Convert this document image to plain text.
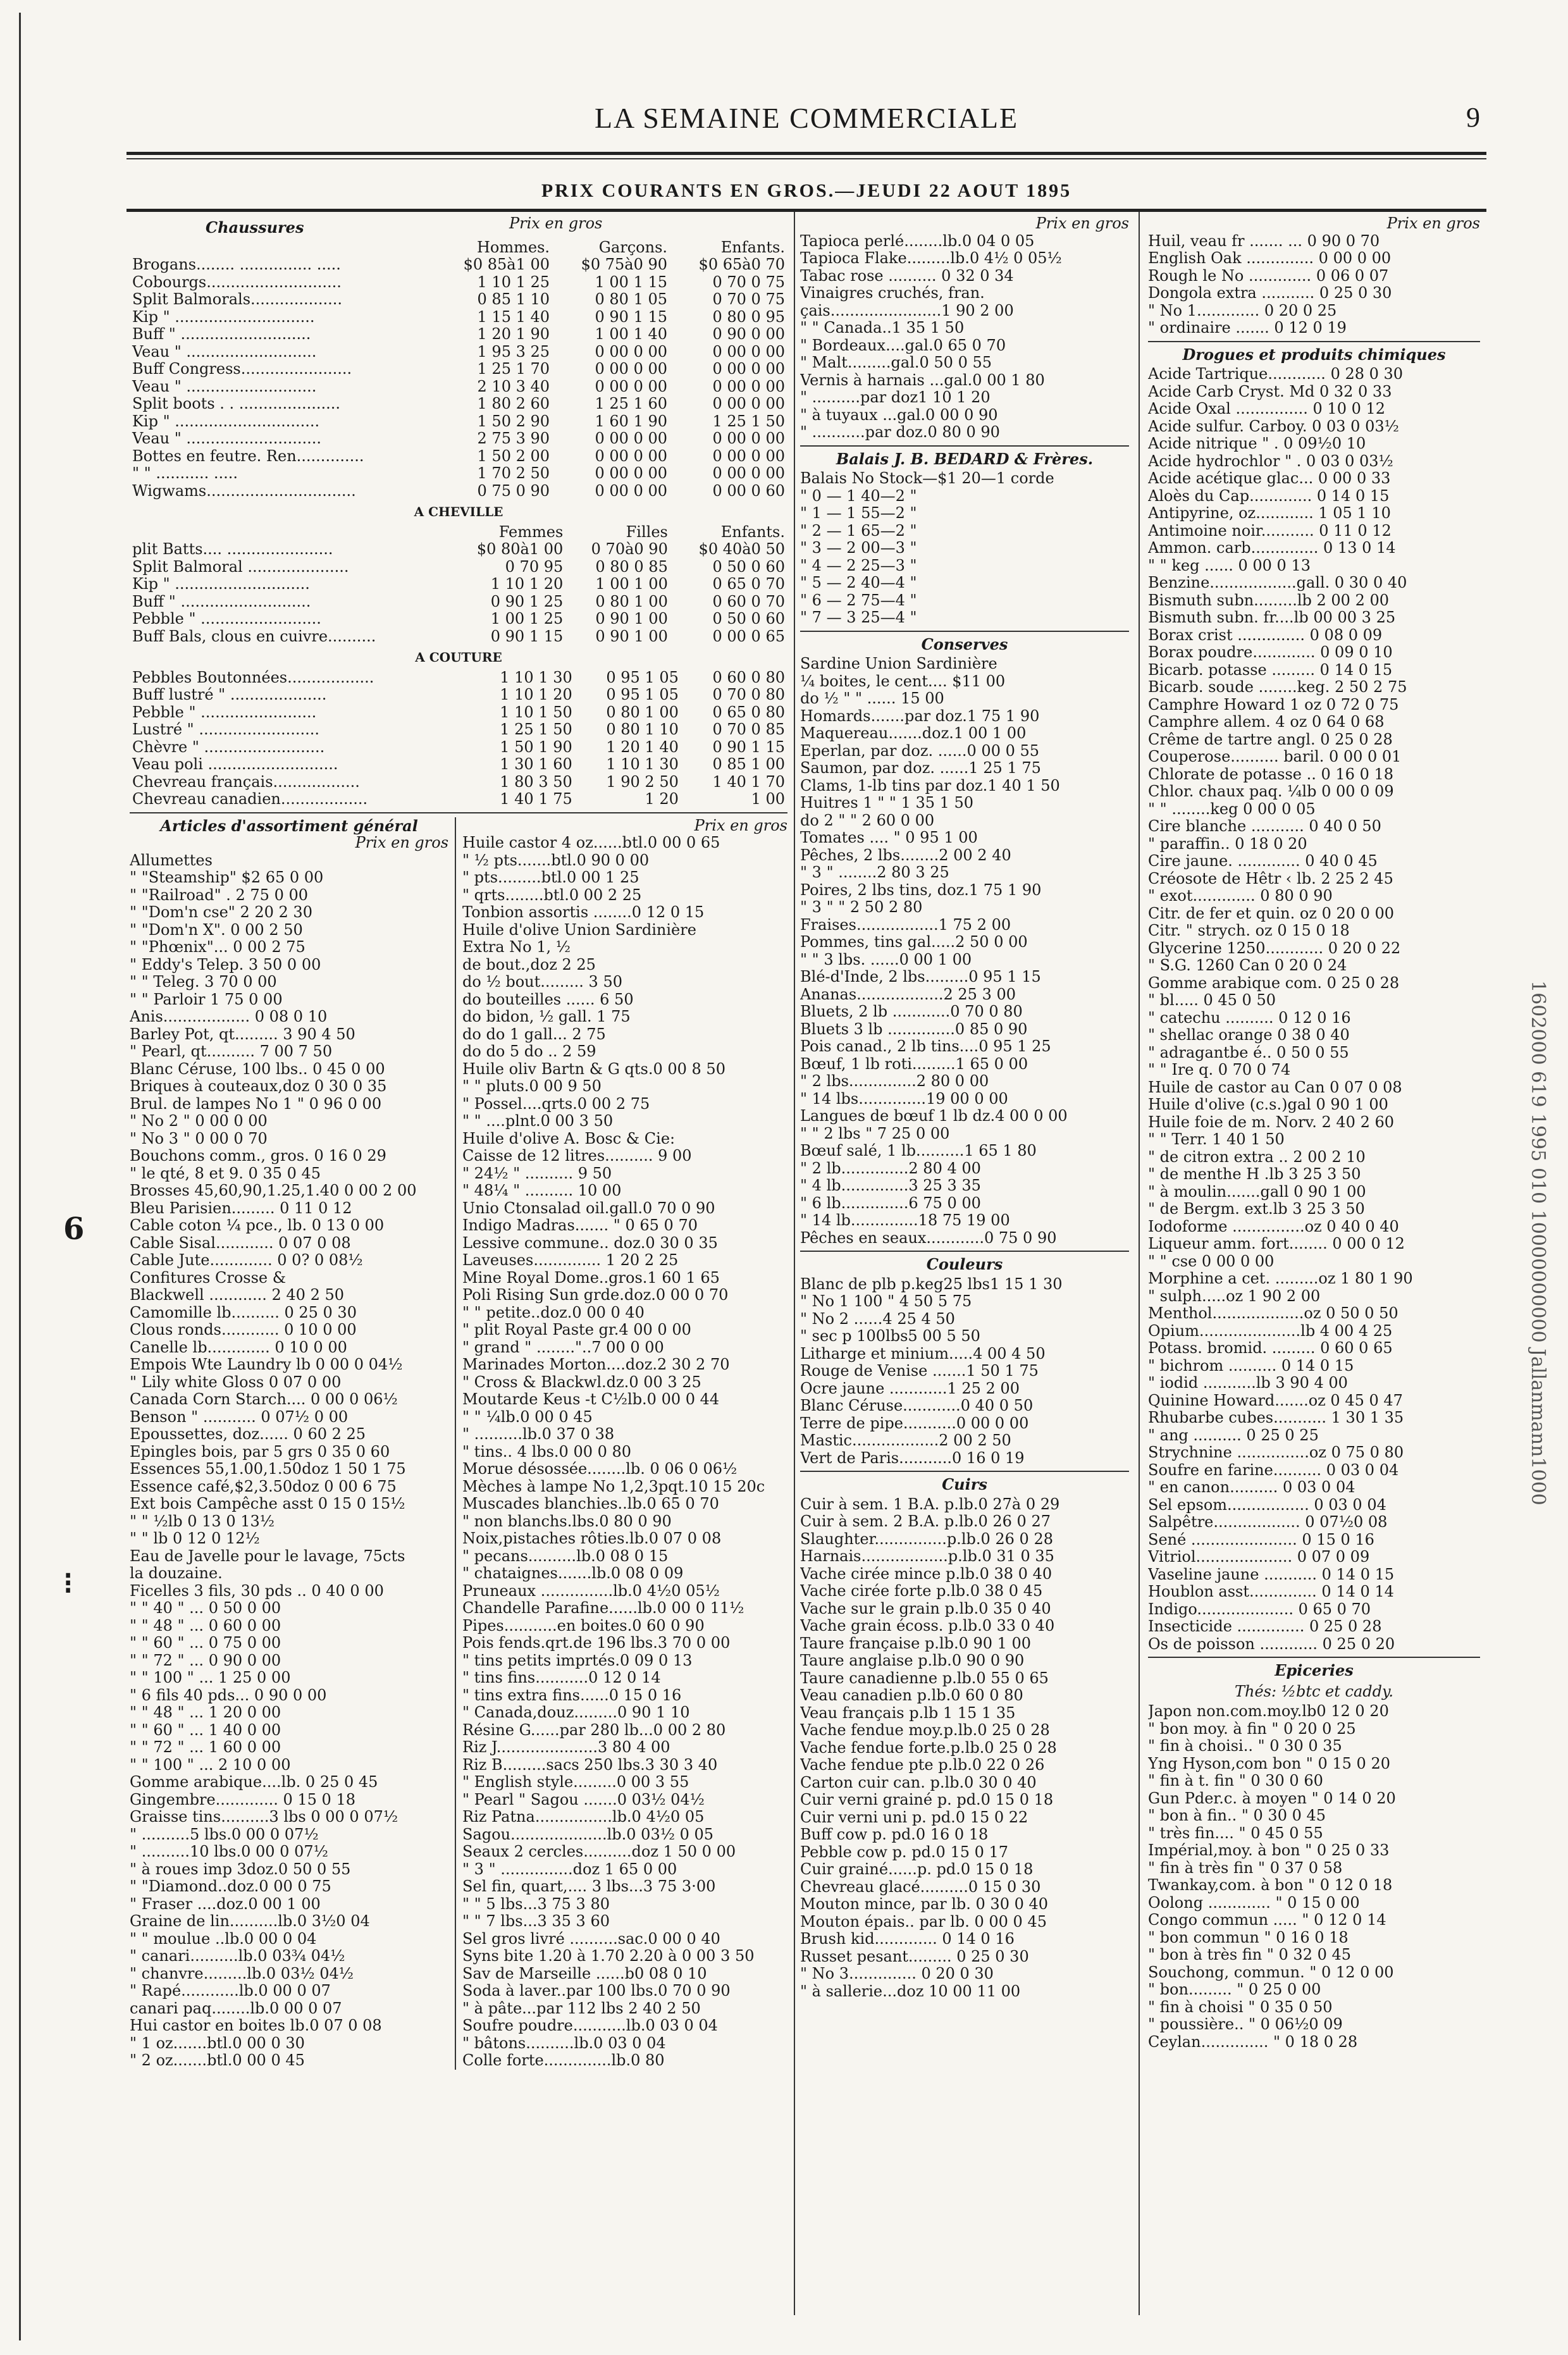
6
⁝
LA SEMAINE COMMERCIALE	9
PRIX COURANTS EN GROS.—JEUDI 22 AOUT 1895
Chaussures	Prix en gros
	Hommes.	Garçons.	Enfants.
Brogans........ ............... .....	$0 85à1 00	$0 75à0 90	$0 65à0 70
Cobourgs............................	1 10 1 25	1 00 1 15	0 70 0 75
Split Balmorals...................	0 85 1 10	0 80 1 05	0 70 0 75
Kip " .............................	1 15 1 40	0 90 1 15	0 80 0 95
Buff " ...........................	1 20 1 90	1 00 1 40	0 90 0 00
Veau " ...........................	1 95 3 25	0 00 0 00	0 00 0 00
Buff Congress.......................	1 25 1 70	0 00 0 00	0 00 0 00
Veau " ...........................	2 10 3 40	0 00 0 00	0 00 0 00
Split boots . . .....................	1 80 2 60	1 25 1 60	0 00 0 00
Kip " ..............................	1 50 2 90	1 60 1 90	1 25 1 50
Veau " ............................	2 75 3 90	0 00 0 00	0 00 0 00
Bottes en feutre. Ren..............	1 50 2 00	0 00 0 00	0 00 0 00
" " ........... .....	1 70 2 50	0 00 0 00	0 00 0 00
Wigwams...............................	0 75 0 90	0 00 0 00	0 00 0 60
A CHEVILLE
	Femmes	Filles	Enfants.
plit Batts.... ......................	$0 80à1 00	0 70à0 90	$0 40à0 50
Split Balmoral .....................	0 70 95	0 80 0 85	0 50 0 60
Kip " ............................	1 10 1 20	1 00 1 00	0 65 0 70
Buff " ...........................	0 90 1 25	0 80 1 00	0 60 0 70
Pebble " .........................	1 00 1 25	0 90 1 00	0 50 0 60
Buff Bals, clous en cuivre..........	0 90 1 15	0 90 1 00	0 00 0 65
A COUTURE
Pebbles Boutonnées..................	1 10 1 30	0 95 1 05	0 60 0 80
Buff lustré " ....................	1 10 1 20	0 95 1 05	0 70 0 80
Pebble " ........................	1 10 1 50	0 80 1 00	0 65 0 80
Lustré " .........................	1 25 1 50	0 80 1 10	0 70 0 85
Chèvre " .........................	1 50 1 90	1 20 1 40	0 90 1 15
Veau poli ...........................	1 30 1 60	1 10 1 30	0 85 1 00
Chevreau français..................	1 80 3 50	1 90 2 50	1 40 1 70
Chevreau canadien..................	1 40 1 75	1 20	1 00
Articles d'assortiment général
Prix en gros
Allumettes
" "Steamship" $2 65 0 00
" "Railroad" . 2 75 0 00
" "Dom'n cse" 2 20 2 30
" "Dom'n X". 0 00 2 50
" "Phœnix"... 0 00 2 75
" Eddy's Telep. 3 50 0 00
" " Teleg. 3 70 0 00
" " Parloir 1 75 0 00
Anis.................. 0 08 0 10
Barley Pot, qt......... 3 90 4 50
" Pearl, qt.......... 7 00 7 50
Blanc Céruse, 100 lbs.. 0 45 0 00
Briques à couteaux,doz 0 30 0 35
Brul. de lampes No 1 " 0 96 0 00
" No 2 " 0 00 0 00
" No 3 " 0 00 0 70
Bouchons comm., gros. 0 16 0 29
" le qté, 8 et 9. 0 35 0 45
Brosses 45,60,90,1.25,1.40 0 00 2 00
Bleu Parisien......... 0 11 0 12
Cable coton ¼ pce., lb. 0 13 0 00
Cable Sisal............ 0 07 0 08
Cable Jute............. 0 0? 0 08½
Confitures Crosse &
Blackwell ............ 2 40 2 50
Camomille lb.......... 0 25 0 30
Clous ronds............ 0 10 0 00
Canelle lb............. 0 10 0 00
Empois Wte Laundry lb 0 00 0 04½
" Lily white Gloss 0 07 0 00
Canada Corn Starch.... 0 00 0 06½
Benson " ........... 0 07½ 0 00
Epoussettes, doz...... 0 60 2 25
Epingles bois, par 5 grs 0 35 0 60
Essences 55,1.00,1.50doz 1 50 1 75
Essence café,$2,3.50doz 0 00 6 75
Ext bois Campêche asst 0 15 0 15½
" " ½lb 0 13 0 13½
" " lb 0 12 0 12½
Eau de Javelle pour le lavage, 75cts
la douzaine.
Ficelles 3 fils, 30 pds .. 0 40 0 00
" " 40 " ... 0 50 0 00
" " 48 " ... 0 60 0 00
" " 60 " ... 0 75 0 00
" " 72 " ... 0 90 0 00
" " 100 " ... 1 25 0 00
" 6 fils 40 pds... 0 90 0 00
" " 48 " ... 1 20 0 00
" " 60 " ... 1 40 0 00
" " 72 " ... 1 60 0 00
" " 100 " ... 2 10 0 00
Gomme arabique....lb. 0 25 0 45
Gingembre............. 0 15 0 18
Graisse tins..........3 lbs 0 00 0 07½
" ..........5 lbs.0 00 0 07½
" ..........10 lbs.0 00 0 07½
" à roues imp 3doz.0 50 0 55
" "Diamond..doz.0 00 0 75
" Fraser ....doz.0 00 1 00
Graine de lin..........lb.0 3½0 04
" " moulue ..lb.0 00 0 04
" canari..........lb.0 03¾ 04½
" chanvre.........lb.0 03½ 04½
" Rapé............lb.0 00 0 07
canari paq........lb.0 00 0 07
Hui castor en boites lb.0 07 0 08
" 1 oz.......btl.0 00 0 30
" 2 oz.......btl.0 00 0 45
Prix en gros
Huile castor 4 oz......btl.0 00 0 65
" ½ pts.......btl.0 90 0 00
" pts.........btl.0 00 1 25
" qrts........btl.0 00 2 25
Tonbion assortis ........0 12 0 15
Huile d'olive Union Sardinière
Extra No 1, ½
de bout.,doz 2 25
do ½ bout......... 3 50
do bouteilles ...... 6 50
do bidon, ½ gall. 1 75
do do 1 gall... 2 75
do do 5 do .. 2 59
Huile oliv Bartn & G qts.0 00 8 50
" " pluts.0 00 9 50
" Possel....qrts.0 00 2 75
" " ....plnt.0 00 3 50
Huile d'olive A. Bosc & Cie:
Caisse de 12 litres.......... 9 00
" 24½ " .......... 9 50
" 48¼ " .......... 10 00
Unio Ctonsalad oil.gall.0 70 0 90
Indigo Madras....... " 0 65 0 70
Lessive commune.. doz.0 30 0 35
Laveuses.............. 1 20 2 25
Mine Royal Dome..gros.1 60 1 65
Poli Rising Sun grde.doz.0 00 0 70
" " petite..doz.0 00 0 40
" plit Royal Paste gr.4 00 0 00
" grand " ........"..7 00 0 00
Marinades Morton....doz.2 30 2 70
" Cross & Blackwl.dz.0 00 3 25
Moutarde Keus -t C½lb.0 00 0 44
" " ¼lb.0 00 0 45
" ..........lb.0 37 0 38
" tins.. 4 lbs.0 00 0 80
Morue désossée........lb. 0 06 0 06½
Mèches à lampe No 1,2,3pqt.10 15 20c
Muscades blanchies..lb.0 65 0 70
" non blanchs.lbs.0 80 0 90
Noix,pistaches rôties.lb.0 07 0 08
" pecans..........lb.0 08 0 15
" chataignes.......lb.0 08 0 09
Pruneaux ...............lb.0 4½0 05½
Chandelle Parafine......lb.0 00 0 11½
Pipes...........en boites.0 60 0 90
Pois fends.qrt.de 196 lbs.3 70 0 00
" tins petits imprtés.0 09 0 13
" tins fins...........0 12 0 14
" tins extra fins......0 15 0 16
" Canada,douz.........0 90 1 10
Résine G......par 280 lb...0 00 2 80
Riz J.....................3 80 4 00
Riz B.........sacs 250 lbs.3 30 3 40
" English style.........0 00 3 55
" Pearl " Sagou .......0 03½ 04½
Riz Patna................lb.0 4½0 05
Sagou....................lb.0 03½ 0 05
Seaux 2 cercles..........doz 1 50 0 00
" 3 " ...............doz 1 65 0 00
Sel fin, quart,.... 3 lbs...3 75 3·00
" " 5 lbs...3 75 3 80
" " 7 lbs...3 35 3 60
Sel gros livré ..........sac.0 00 0 40
Syns bite 1.20 à 1.70 2.20 à 0 00 3 50
Sav de Marseille ......b0 08 0 10
Soda à laver..par 100 lbs.0 70 0 90
" à pâte...par 112 lbs 2 40 2 50
Soufre poudre...........lb.0 03 0 04
" bâtons..........lb.0 03 0 04
Colle forte..............lb.0 80
Prix en gros
Tapioca perlé........lb.0 04 0 05
Tapioca Flake.........lb.0 4½ 0 05½
Tabac rose .......... 0 32 0 34
Vinaigres cruchés, fran.
çais.......................1 90 2 00
" " Canada..1 35 1 50
" Bordeaux....gal.0 65 0 70
" Malt.........gal.0 50 0 55
Vernis à harnais ...gal.0 00 1 80
" ..........par doz1 10 1 20
" à tuyaux ...gal.0 00 0 90
" ...........par doz.0 80 0 90
Balais J. B. BEDARD & Frères.
Balais No Stock—$1 20—1 corde
" 0 — 1 40—2 "
" 1 — 1 55—2 "
" 2 — 1 65—2 "
" 3 — 2 00—3 "
" 4 — 2 25—3 "
" 5 — 2 40—4 "
" 6 — 2 75—4 "
" 7 — 3 25—4 "
Conserves
Sardine Union Sardinière
¼ boites, le cent.... $11 00
do ½ " " ...... 15 00
Homards.......par doz.1 75 1 90
Maquereau.......doz.1 00 1 00
Eperlan, par doz. ......0 00 0 55
Saumon, par doz. ......1 25 1 75
Clams, 1-lb tins par doz.1 40 1 50
Huitres 1 " " 1 35 1 50
do 2 " " 2 60 0 00
Tomates .... " 0 95 1 00
Pêches, 2 lbs........2 00 2 40
" 3 " ........2 80 3 25
Poires, 2 lbs tins, doz.1 75 1 90
" 3 " " 2 50 2 80
Fraises.................1 75 2 00
Pommes, tins gal.....2 50 0 00
" " 3 lbs. ......0 00 1 00
Blé-d'Inde, 2 lbs.........0 95 1 15
Ananas..................2 25 3 00
Bluets, 2 lb ............0 70 0 80
Bluets 3 lb ..............0 85 0 90
Pois canad., 2 lb tins....0 95 1 25
Bœuf, 1 lb roti.........1 65 0 00
" 2 lbs..............2 80 0 00
" 14 lbs..............19 00 0 00
Langues de bœuf 1 lb dz.4 00 0 00
" " 2 lbs " 7 25 0 00
Bœuf salé, 1 lb..........1 65 1 80
" 2 lb..............2 80 4 00
" 4 lb..............3 25 3 35
" 6 lb..............6 75 0 00
" 14 lb..............18 75 19 00
Pêches en seaux............0 75 0 90
Couleurs
Blanc de plb p.keg25 lbs1 15 1 30
" No 1 100 " 4 50 5 75
" No 2 ......4 25 4 50
" sec p 100lbs5 00 5 50
Litharge et minium.....4 00 4 50
Rouge de Venise .......1 50 1 75
Ocre jaune ............1 25 2 00
Blanc Céruse............0 40 0 50
Terre de pipe...........0 00 0 00
Mastic..................2 00 2 50
Vert de Paris...........0 16 0 19
Cuirs
Cuir à sem. 1 B.A. p.lb.0 27à 0 29
Cuir à sem. 2 B.A. p.lb.0 26 0 27
Slaughter...............p.lb.0 26 0 28
Harnais..................p.lb.0 31 0 35
Vache cirée mince p.lb.0 38 0 40
Vache cirée forte p.lb.0 38 0 45
Vache sur le grain p.lb.0 35 0 40
Vache grain écoss. p.lb.0 33 0 40
Taure française p.lb.0 90 1 00
Taure anglaise p.lb.0 90 0 90
Taure canadienne p.lb.0 55 0 65
Veau canadien p.lb.0 60 0 80
Veau français p.lb 1 15 1 35
Vache fendue moy.p.lb.0 25 0 28
Vache fendue forte.p.lb.0 25 0 28
Vache fendue pte p.lb.0 22 0 26
Carton cuir can. p.lb.0 30 0 40
Cuir verni grainé p. pd.0 15 0 18
Cuir verni uni p. pd.0 15 0 22
Buff cow p. pd.0 16 0 18
Pebble cow p. pd.0 15 0 17
Cuir grainé......p. pd.0 15 0 18
Chevreau glacé..........0 15 0 30
Mouton mince, par lb. 0 30 0 40
Mouton épais.. par lb. 0 00 0 45
Brush kid............. 0 14 0 16
Russet pesant......... 0 25 0 30
" No 3.............. 0 20 0 30
" à sallerie...doz 10 00 11 00
Prix en gros
Huil, veau fr ....... ... 0 90 0 70
English Oak .............. 0 00 0 00
Rough le No ............. 0 06 0 07
Dongola extra ........... 0 25 0 30
" No 1............. 0 20 0 25
" ordinaire ....... 0 12 0 19
Drogues et produits chimiques
Acide Tartrique............ 0 28 0 30
Acide Carb Cryst. Md 0 32 0 33
Acide Oxal ............... 0 10 0 12
Acide sulfur. Carboy. 0 03 0 03½
Acide nitrique " . 0 09½0 10
Acide hydrochlor " . 0 03 0 03½
Acide acétique glac... 0 00 0 33
Aloès du Cap............. 0 14 0 15
Antipyrine, oz............ 1 05 1 10
Antimoine noir........... 0 11 0 12
Ammon. carb.............. 0 13 0 14
" " keg ...... 0 00 0 13
Benzine..................gall. 0 30 0 40
Bismuth subn.........lb 2 00 2 00
Bismuth subn. fr....lb 00 00 3 25
Borax crist .............. 0 08 0 09
Borax poudre............. 0 09 0 10
Bicarb. potasse ......... 0 14 0 15
Bicarb. soude ........keg. 2 50 2 75
Camphre Howard 1 oz 0 72 0 75
Camphre allem. 4 oz 0 64 0 68
Crême de tartre angl. 0 25 0 28
Couperose.......... baril. 0 00 0 01
Chlorate de potasse .. 0 16 0 18
Chlor. chaux paq. ¼lb 0 00 0 09
" " ........keg 0 00 0 05
Cire blanche ........... 0 40 0 50
" paraffin.. 0 18 0 20
Cire jaune. ............. 0 40 0 45
Créosote de Hêtr ‹ lb. 2 25 2 45
" exot............. 0 80 0 90
Citr. de fer et quin. oz 0 20 0 00
Citr. " strych. oz 0 15 0 18
Glycerine 1250............ 0 20 0 22
" S.G. 1260 Can 0 20 0 24
Gomme arabique com. 0 25 0 28
" bl..... 0 45 0 50
" catechu .......... 0 12 0 16
" shellac orange 0 38 0 40
" adragantbe é.. 0 50 0 55
" " Ire q. 0 70 0 74
Huile de castor au Can 0 07 0 08
Huile d'olive (c.s.)gal 0 90 1 00
Huile foie de m. Norv. 2 40 2 60
" " Terr. 1 40 1 50
" de citron extra .. 2 00 2 10
" de menthe H .lb 3 25 3 50
" à moulin.......gall 0 90 1 00
" de Bergm. ext.lb 3 25 3 50
Iodoforme ...............oz 0 40 0 40
Liqueur amm. fort........ 0 00 0 12
" " cse 0 00 0 00
Morphine a cet. .........oz 1 80 1 90
" sulph.....oz 1 90 2 00
Menthol...................oz 0 50 0 50
Opium.....................lb 4 00 4 25
Potass. bromid. ......... 0 60 0 65
" bichrom .......... 0 14 0 15
" iodid ...........lb 3 90 4 00
Quinine Howard.......oz 0 45 0 47
Rhubarbe cubes........... 1 30 1 35
" ang .......... 0 25 0 25
Strychnine ...............oz 0 75 0 80
Soufre en farine.......... 0 03 0 04
" en canon.......... 0 03 0 04
Sel epsom................. 0 03 0 04
Salpêtre.................. 0 07½0 08
Sené ...................... 0 15 0 16
Vitriol.................... 0 07 0 09
Vaseline jaune ........... 0 14 0 15
Houblon asst.............. 0 14 0 14
Indigo.................... 0 65 0 70
Insecticide .............. 0 25 0 28
Os de poisson ............ 0 25 0 20
Epiceries
Thés: ½btc et caddy.
Japon non.com.moy.lb0 12 0 20
" bon moy. à fin " 0 20 0 25
" fin à choisi.. " 0 30 0 35
Yng Hyson,com bon " 0 15 0 20
" fin à t. fin " 0 30 0 60
Gun Pder.c. à moyen " 0 14 0 20
" bon à fin.. " 0 30 0 45
" très fin.... " 0 45 0 55
Impérial,moy. à bon " 0 25 0 33
" fin à très fin " 0 37 0 58
Twankay,com. à bon " 0 12 0 18
Oolong ............. " 0 15 0 00
Congo commun ..... " 0 12 0 14
" bon commun " 0 16 0 18
" bon à très fin " 0 32 0 45
Souchong, commun. " 0 12 0 00
" bon......... " 0 25 0 00
" fin à choisi " 0 35 0 50
" poussière.. " 0 06½0 09
Ceylan.............. " 0 18 0 28
1602000 619 1995 010 10000000000 Jallanmann1000
